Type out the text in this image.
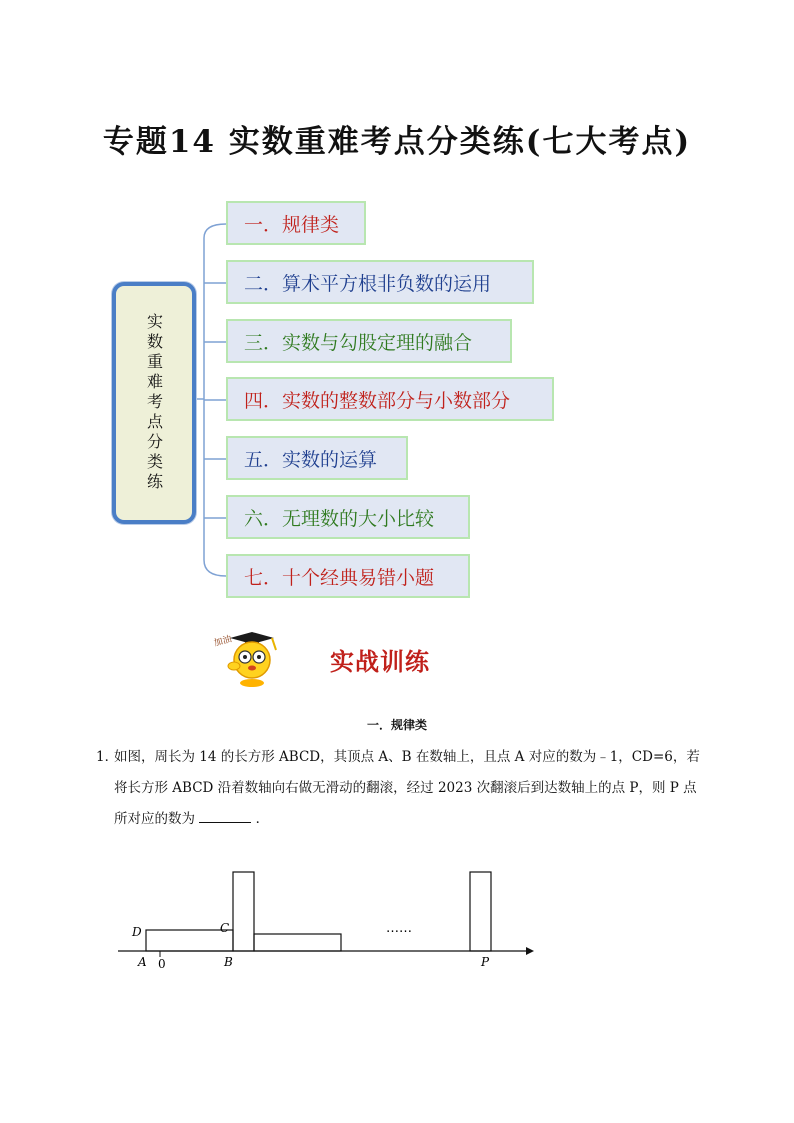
专题14 实数重难考点分类练(七大考点)
实数重难考点分类练
一．规律类
二．算术平方根非负数的运用
三．实数与勾股定理的融合
四．实数的整数部分与小数部分
五．实数的运算
六．无理数的大小比较
七．十个经典易错小题
加油
实战训练
一．规律类
1．
如图，周长为 14 的长方形 ABCD，其顶点 A、B 在数轴上，且点 A 对应的数为﹣1，CD=6，若
将长方形 ABCD 沿着数轴向右做无滑动的翻滚，经过 2023 次翻滚后到达数轴上的点 P，则 P 点
所对应的数为	．
D	C
A 0	B	P
……
